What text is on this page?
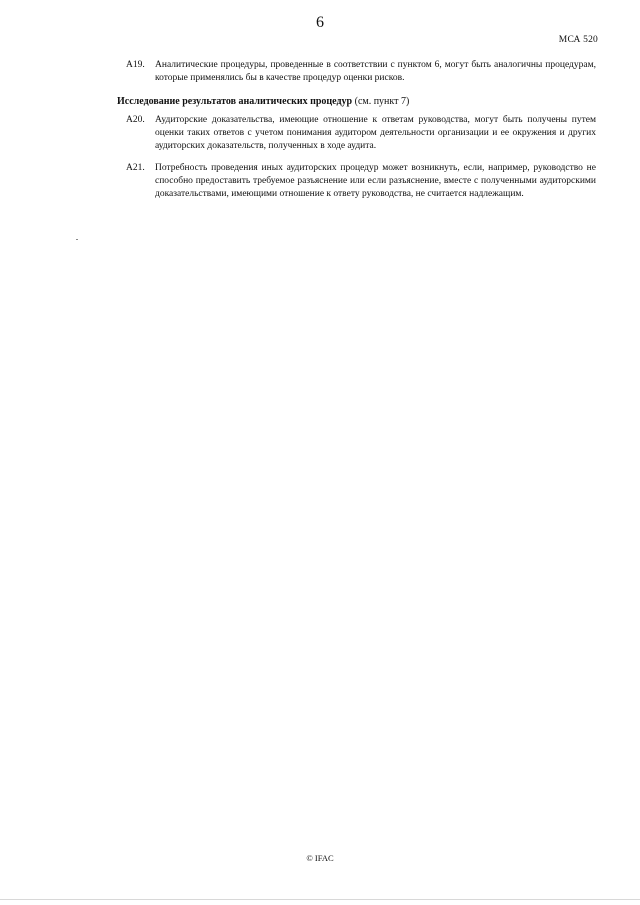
6
МСА 520
A19. Аналитические процедуры, проведенные в соответствии с пунктом 6, могут быть аналогичны процедурам, которые применялись бы в качестве процедур оценки рисков.
Исследование результатов аналитических процедур (см. пункт 7)
A20. Аудиторские доказательства, имеющие отношение к ответам руководства, могут быть получены путем оценки таких ответов с учетом понимания аудитором деятельности организации и ее окружения и других аудиторских доказательств, полученных в ходе аудита.
A21. Потребность проведения иных аудиторских процедур может возникнуть, если, например, руководство не способно предоставить требуемое разъяснение или если разъяснение, вместе с полученными аудиторскими доказательствами, имеющими отношение к ответу руководства, не считается надлежащим.
© IFAC
